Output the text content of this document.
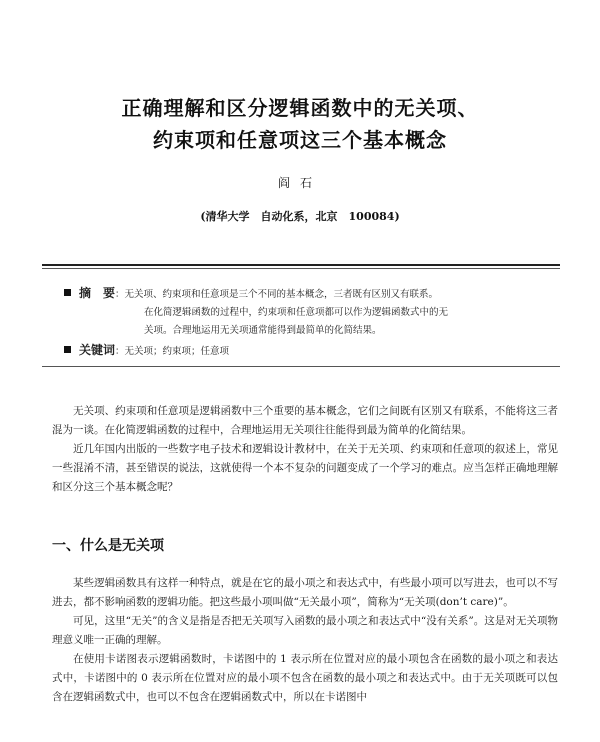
正确理解和区分逻辑函数中的无关项、
约束项和任意项这三个基本概念
阎石
(清华大学　自动化系，北京　100084)
摘　要：无关项、约束项和任意项是三个不同的基本概念，三者既有区别又有联系。
在化简逻辑函数的过程中，约束项和任意项都可以作为逻辑函数式中的无
关项。合理地运用无关项通常能得到最简单的化简结果。
关键词：无关项；约束项；任意项

无关项、约束项和任意项是逻辑函数中三个重要的基本概念，它们之间既有区别又有联系，不能将这三者混为一谈。在化简逻辑函数的过程中，合理地运用无关项往往能得到最为简单的化简结果。

近几年国内出版的一些数字电子技术和逻辑设计教材中，在关于无关项、约束项和任意项的叙述上，常见一些混淆不清，甚至错误的说法，这就使得一个本不复杂的问题变成了一个学习的难点。应当怎样正确地理解和区分这三个基本概念呢？

一、什么是无关项

某些逻辑函数具有这样一种特点，就是在它的最小项之和表达式中，有些最小项可以写进去，也可以不写进去，都不影响函数的逻辑功能。把这些最小项叫做“无关最小项”，简称为“无关项(don’t care)”。

可见，这里“无关”的含义是指是否把无关项写入函数的最小项之和表达式中“没有关系”。这是对无关项物理意义唯一正确的理解。

在使用卡诺图表示逻辑函数时，卡诺图中的 1 表示所在位置对应的最小项包含在函数的最小项之和表达式中，卡诺图中的 0 表示所在位置对应的最小项不包含在函数的最小项之和表达式中。由于无关项既可以包含在逻辑函数式中，也可以不包含在逻辑函数式中，所以在卡诺图中
